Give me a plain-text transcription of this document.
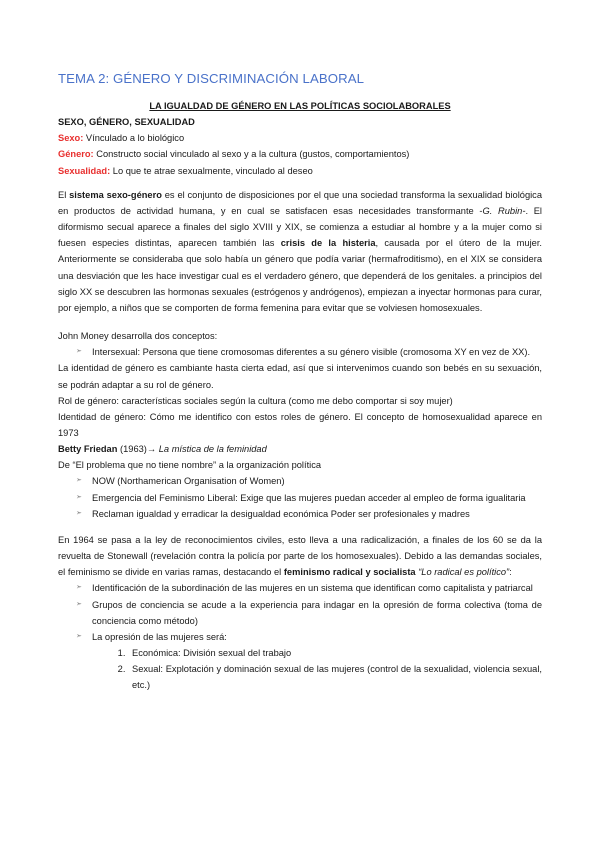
TEMA 2: GÉNERO Y DISCRIMINACIÓN LABORAL
LA IGUALDAD DE GÉNERO EN LAS POLÍTICAS SOCIOLABORALES
SEXO, GÉNERO, SEXUALIDAD

Sexo: Vínculado a lo biológico

Género: Constructo social vinculado al sexo y a la cultura (gustos, comportamientos)

Sexualidad: Lo que te atrae sexualmente, vinculado al deseo

El sistema sexo-género es el conjunto de disposiciones por el que una sociedad transforma la sexualidad biológica en productos de actividad humana, y en cual se satisfacen esas necesidades transformante -G. Rubin-. El diformismo secual aparece a finales del siglo XVIII y XIX, se comienza a estudiar al hombre y a la mujer como si fuesen especies distintas, aparecen también las crisis de la histeria, causada por el útero de la mujer. Anteriormente se consideraba que solo había un género que podía variar (hermafroditismo), en el XIX se considera una desviación que les hace investigar cual es el verdadero género, que dependerá de los genitales. a principios del siglo XX se descubren las hormonas sexuales (estrógenos y andrógenos), empiezan a inyectar hormonas para curar, por ejemplo, a niños que se comporten de forma femenina para evitar que se volviesen homosexuales.

John Money desarrolla dos conceptos:

➣ Intersexual: Persona que tiene cromosomas diferentes a su género visible (cromosoma XY en vez de XX).

La identidad de género es cambiante hasta cierta edad, así que si intervenimos cuando son bebés en su sexuación, se podrán adaptar a su rol de género.

Rol de género: características sociales según la cultura (como me debo comportar si soy mujer)

Identidad de género: Cómo me identifico con estos roles de género. El concepto de homosexualidad aparece en 1973

Betty Friedan (1963)→ La mística de la feminidad

De “El problema que no tiene nombre” a la organización política

➣ NOW (Northamerican Organisation of Women)
➣ Emergencia del Feminismo Liberal: Exige que las mujeres puedan acceder al empleo de forma igualitaria
➣ Reclaman igualdad y erradicar la desigualdad económica Poder ser profesionales y madres

En 1964 se pasa a la ley de reconocimientos civiles, esto lleva a una radicalización, a finales de los 60 se da la revuelta de Stonewall (revelación contra la policía por parte de los homosexuales). Debido a las demandas sociales, el feminismo se divide en varias ramas, destacando el feminismo radical y socialista “Lo radical es político”:

➣ Identificación de la subordinación de las mujeres en un sistema que identifican como capitalista y patriarcal
➣ Grupos de conciencia se acude a la experiencia para indagar en la opresión de forma colectiva (toma de conciencia como método)
➣ La opresión de las mujeres será:
1. Económica: División sexual del trabajo
2. Sexual: Explotación y dominación sexual de las mujeres (control de la sexualidad, violencia sexual, etc.)
